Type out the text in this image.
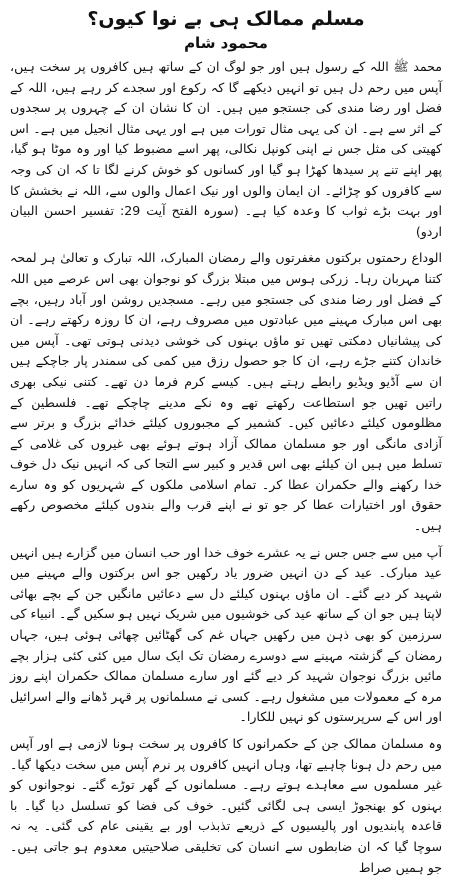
مسلم ممالک ہی بے نوا کیوں؟
محمود شام

محمد ﷺ اللہ کے رسول ہیں اور جو لوگ ان کے ساتھ ہیں کافروں پر سخت ہیں، آپس میں رحم دل ہیں تو انہیں دیکھے گا کہ رکوع اور سجدے کر رہے ہیں، اللہ کے فضل اور رضا مندی کی جستجو میں ہیں۔ ان کا نشان ان کے چہروں پر سجدوں کے اثر سے ہے۔ ان کی یہی مثال تورات میں ہے اور یہی مثال انجیل میں ہے۔ اس کھیتی کی مثل جس نے اپنی کونپل نکالی، پھر اسے مضبوط کیا اور وہ موٹا ہو گیا، پھر اپنے تنے پر سیدھا کھڑا ہو گیا اور کسانوں کو خوش کرنے لگا تا کہ ان کی وجہ سے کافروں کو چڑائے۔ ان ایمان والوں اور نیک اعمال والوں سے، اللہ نے بخشش کا اور بہت بڑے ثواب کا وعدہ کیا ہے۔ (سورہ الفتح آیت 29: تفسیر احسن البیان اردو)

الوداع رحمتوں برکتوں مغفرتوں والے رمضان المبارک، اللہ تبارک و تعالیٰ ہر لمحہ کتنا مہربان رہا۔ زرکی ہوس میں مبتلا بزرگ کو نوجوان بھی اس عرصے میں اللہ کے فضل اور رضا مندی کی جستجو میں رہے۔ مسجدیں روشن اور آباد رہیں، بچے بھی اس مبارک مہینے میں عبادتوں میں مصروف رہے، ان کا روزہ رکھتے رہے۔ ان کی پیشانیاں دمکتی تھیں تو ماؤں بہنوں کی خوشی دیدنی ہوتی تھی۔ آپس میں خاندان کتنے جڑے رہے، ان کا جو حصول رزق میں کمی کی سمندر پار جاچکے ہیں ان سے آڈیو ویڈیو رابطے رہتے ہیں۔ کیسے کرم فرما دن تھے۔ کتنی نیکی بھری راتیں تھیں جو استطاعت رکھتے تھے وہ نکے مدینے چاچکے تھے۔ فلسطین کے مظلوموں کیلئے دعائیں کیں۔ کشمیر کے مجبوروں کیلئے خدائے بزرگ و برتر سے آزادی مانگی اور جو مسلمان ممالک آزاد ہوتے ہوئے بھی غیروں کی غلامی کے تسلط میں ہیں ان کیلئے بھی اس قدیر و کبیر سے التجا کی کہ انہیں نیک دل خوف خدا رکھنے والے حکمران عطا کر۔ تمام اسلامی ملکوں کے شہریوں کو وہ سارے حقوق اور اختیارات عطا کر جو تو نے اپنے قرب والے بندوں کیلئے مخصوص رکھے ہیں۔

آپ میں سے جس جس نے یہ عشرے خوف خدا اور حب انسان میں گزارے ہیں انہیں عید مبارک۔ عید کے دن انہیں ضرور یاد رکھیں جو اس برکتوں والے مہینے میں شہید کر دیے گئے۔ ان ماؤں بہنوں کیلئے دل سے دعائیں مانگیں جن کے بچے بھائی لاپتا ہیں جو ان کے ساتھ عید کی خوشیوں میں شریک نہیں ہو سکیں گے۔ انبیاء کی سرزمین کو بھی ذہن میں رکھیں جہاں غم کی گھٹائیں چھائی ہوئی ہیں، جہاں رمضان کے گزشتہ مہینے سے دوسرے رمضان تک ایک سال میں کئی کئی ہزار بچے مائیں بزرگ نوجوان شہید کر دیے گئے اور سارے مسلمان ممالک حکمران اپنے روز مرہ کے معمولات میں مشغول رہے۔ کسی نے مسلمانوں پر قہر ڈھانے والے اسرائیل اور اس کے سرپرستوں کو نہیں للکارا۔

وہ مسلمان ممالک جن کے حکمرانوں کا کافروں پر سخت ہونا لازمی ہے اور آپس میں رحم دل ہونا چاہیے تھا، وہاں انہیں کافروں پر نرم آپس میں سخت دیکھا گیا۔ غیر مسلموں سے معاہدے ہوتے رہے۔ مسلمانوں کے گھر توڑے گئے۔ نوجوانوں کو بہنوں کو بھنجوڑ ایسی ہی لگائی گئیں۔ خوف کی فضا کو تسلسل دیا گیا۔ با قاعدہ پابندیوں اور پالیسیوں کے ذریعے تذبذب اور بے یقینی عام کی گئی۔ یہ نہ سوچا گیا کہ ان ضابطوں سے انسان کی تخلیقی صلاحیتیں معدوم ہو جاتی ہیں۔ جو ہمیں صراط
